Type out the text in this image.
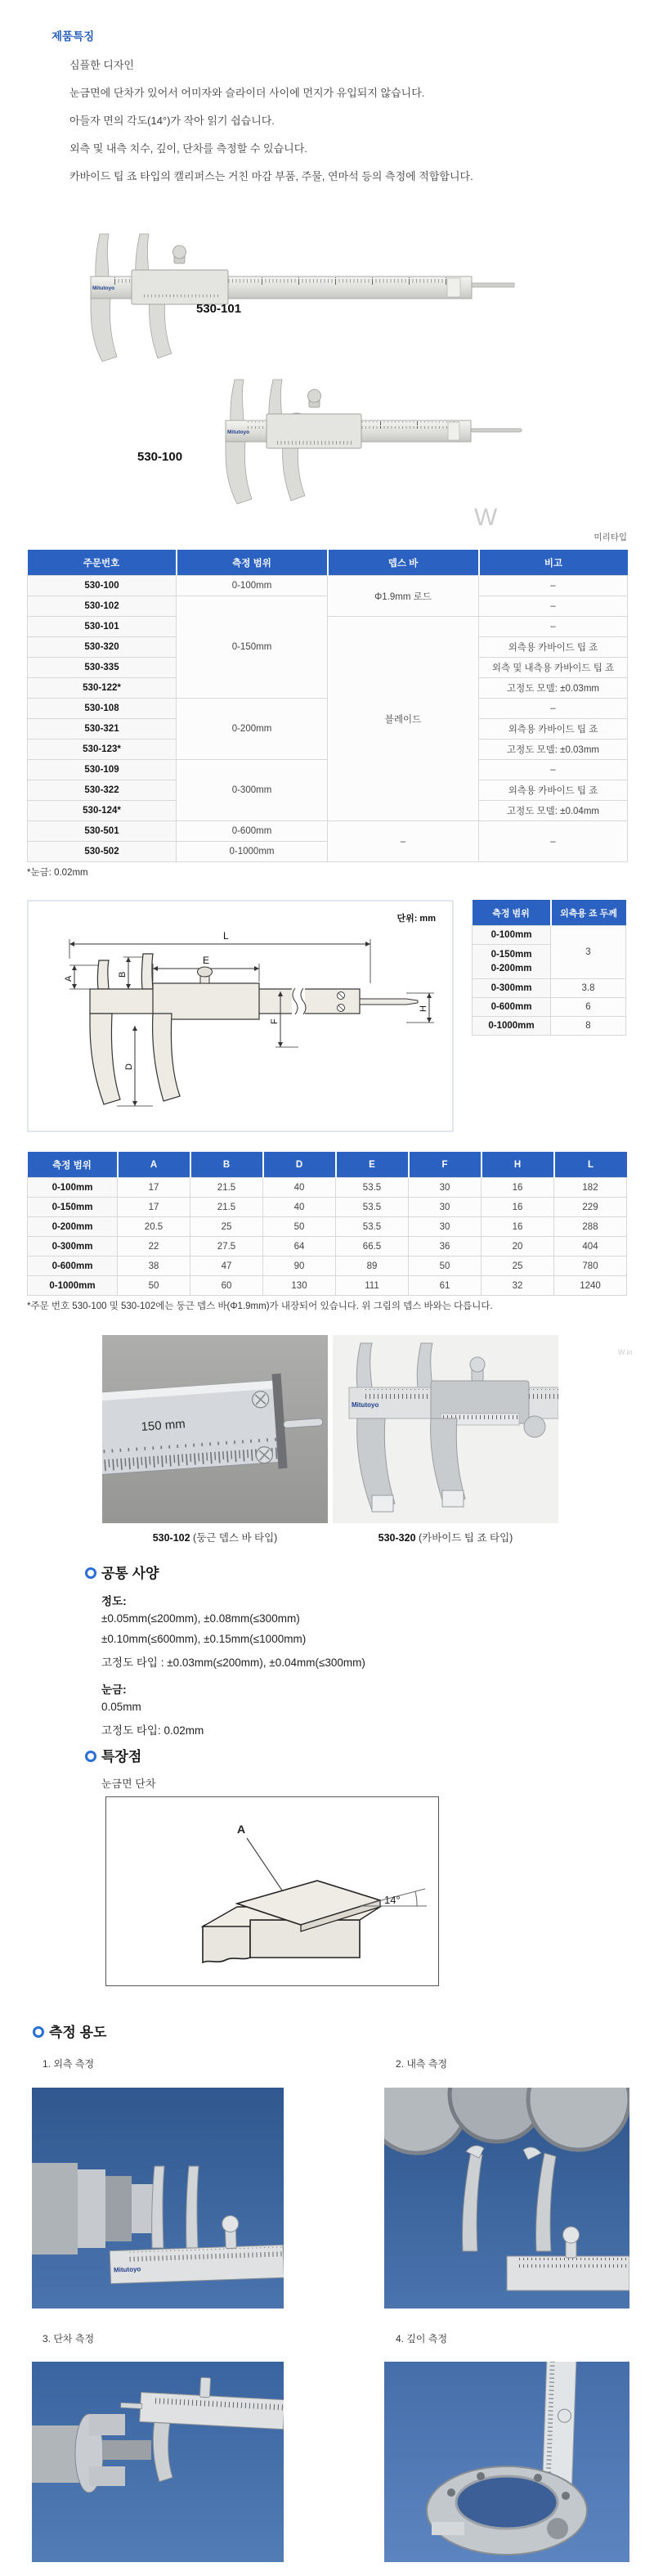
제품특징
심플한 디자인
눈금면에 단차가 있어서 어미자와 슬라이더 사이에 먼지가 유입되지 않습니다.
아들자 면의 각도(14°)가 작아 읽기 쉽습니다.
외측 및 내측 치수, 깊이, 단차를 측정할 수 있습니다.
카바이드 팁 죠 타입의 캘리퍼스는 거친 마감 부품, 주물, 연마석 등의 측정에 적합합니다.
Mitutoyo
530-101
Mitutoyo
530-100
W
미리타입
주문번호	측정 범위	뎁스 바	비고
530-100	0-100mm	Φ1.9mm 로드	–
530-102	0-150mm		–
530-101		블레이드	–
530-320			외측용 카바이드 팁 죠
530-335			외측 및 내측용 카바이드 팁 죠
530-122*			고정도 모델: ±0.03mm
530-108	0-200mm		–
530-321			외측용 카바이드 팁 죠
530-123*			고정도 모델: ±0.03mm
530-109	0-300mm		–
530-322			외측용 카바이드 팁 죠
530-124*			고정도 모델: ±0.04mm
530-501	0-600mm	–	–
530-502	0-1000mm		
*눈금: 0.02mm
단위: mm
L
E
A
B
H
F
D
측정 범위	외측용 죠 두께
0-100mm	3
0-150mm
0-200mm	
0-300mm	3.8
0-600mm	6
0-1000mm	8
측정 범위	A	B	D	E	F	H	L
0-100mm	17	21.5	40	53.5	30	16	182
0-150mm	17	21.5	40	53.5	30	16	229
0-200mm	20.5	25	50	53.5	30	16	288
0-300mm	22	27.5	64	66.5	36	20	404
0-600mm	38	47	90	89	50	25	780
0-1000mm	50	60	130	111	61	32	1240
*주문 번호 530-100 및 530-102에는 둥근 뎁스 바(Φ1.9mm)가 내장되어 있습니다. 위 그림의 뎁스 바와는 다릅니다.
150 mm
530-102 (둥근 뎁스 바 타입)
Mitutoyo
530-320 (카바이드 팁 죠 타입)
W.in
공통 사양
정도:
±0.05mm(≤200mm), ±0.08mm(≤300mm)
±0.10mm(≤600mm), ±0.15mm(≤1000mm)
고정도 타입 : ±0.03mm(≤200mm), ±0.04mm(≤300mm)
눈금:
0.05mm
고정도 타입: 0.02mm
특장점
눈금면 단차
A
14°
측정 용도
1. 외측 측정	2. 내측 측정
Mitutoyo
3. 단차 측정	4. 깊이 측정
